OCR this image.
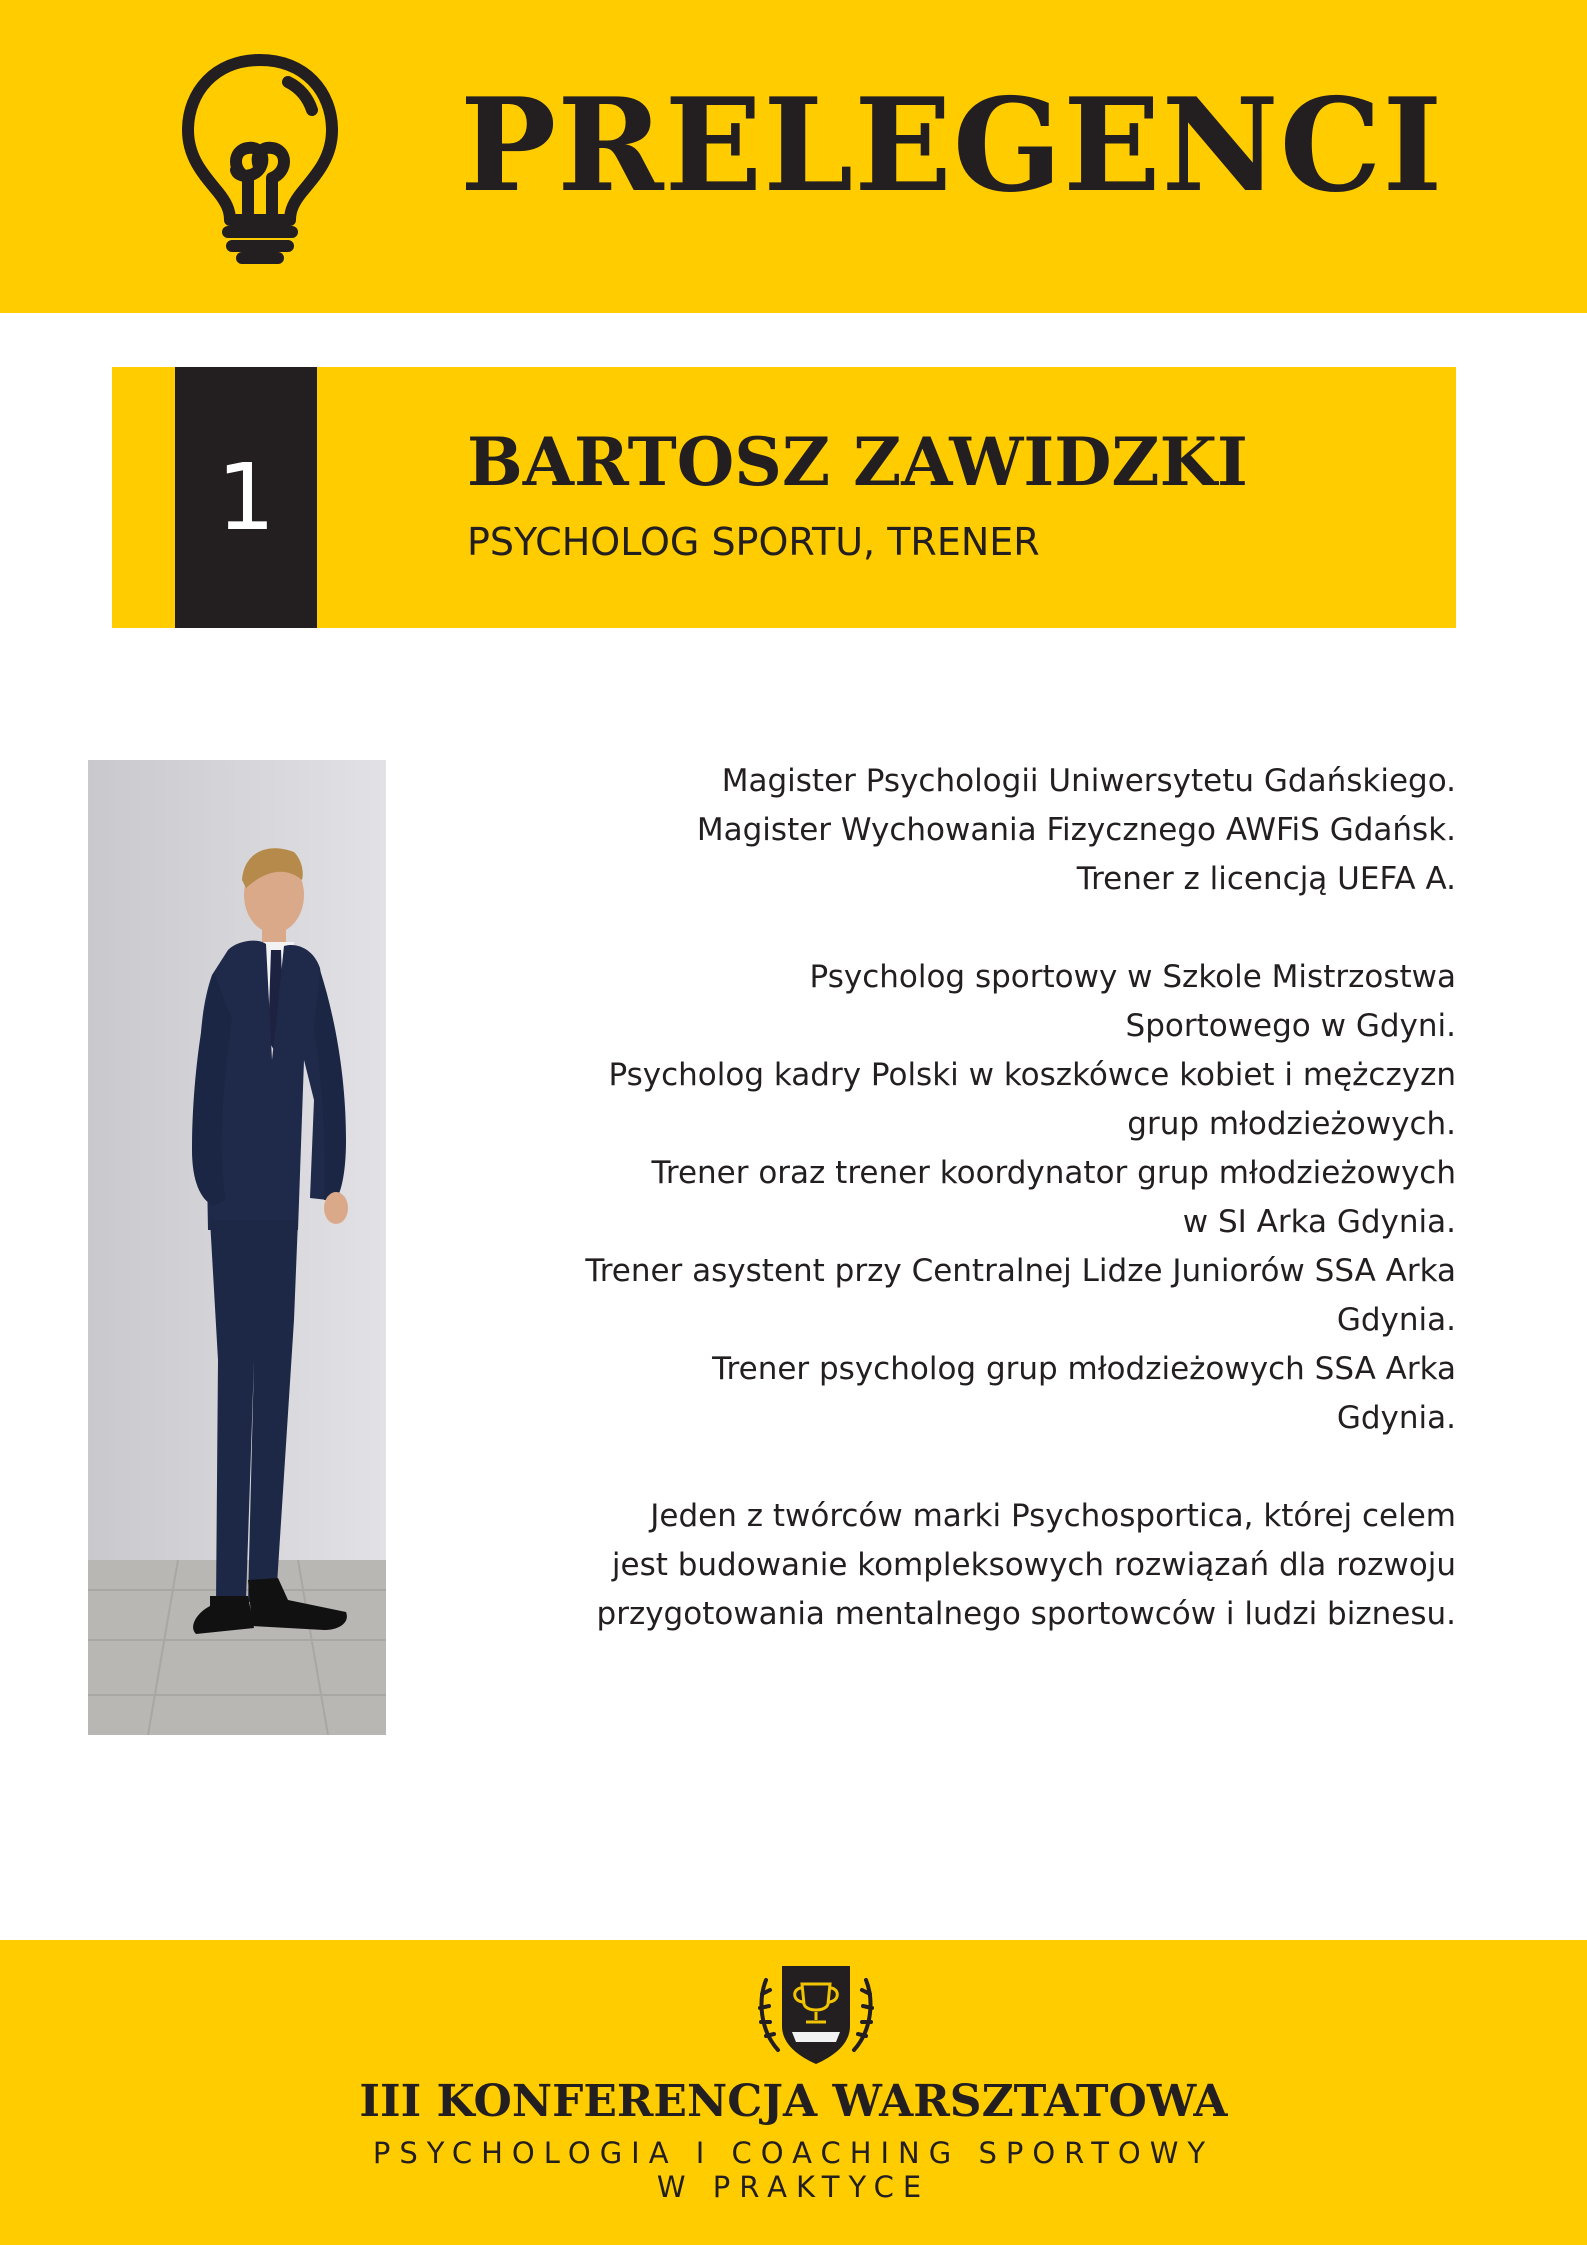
PRELEGENCI
1	BARTOSZ ZAWIDZKI
PSYCHOLOG SPORTU, TRENER

Magister Psychologii Uniwersytetu Gdańskiego.
Magister Wychowania Fizycznego AWFiS Gdańsk.
Trener z licencją UEFA A.

Psycholog sportowy w Szkole Mistrzostwa
Sportowego w Gdyni.
Psycholog kadry Polski w koszkówce kobiet i mężczyzn
grup młodzieżowych.
Trener oraz trener koordynator grup młodzieżowych
w SI Arka Gdynia.
Trener asystent przy Centralnej Lidze Juniorów SSA Arka
Gdynia.
Trener psycholog grup młodzieżowych SSA Arka
Gdynia.

Jeden z twórców marki Psychosportica, której celem
jest budowanie kompleksowych rozwiązań dla rozwoju
przygotowania mentalnego sportowców i ludzi biznesu.

III KONFERENCJA WARSZTATOWA
PSYCHOLOGIA I COACHING SPORTOWY
W PRAKTYCE
